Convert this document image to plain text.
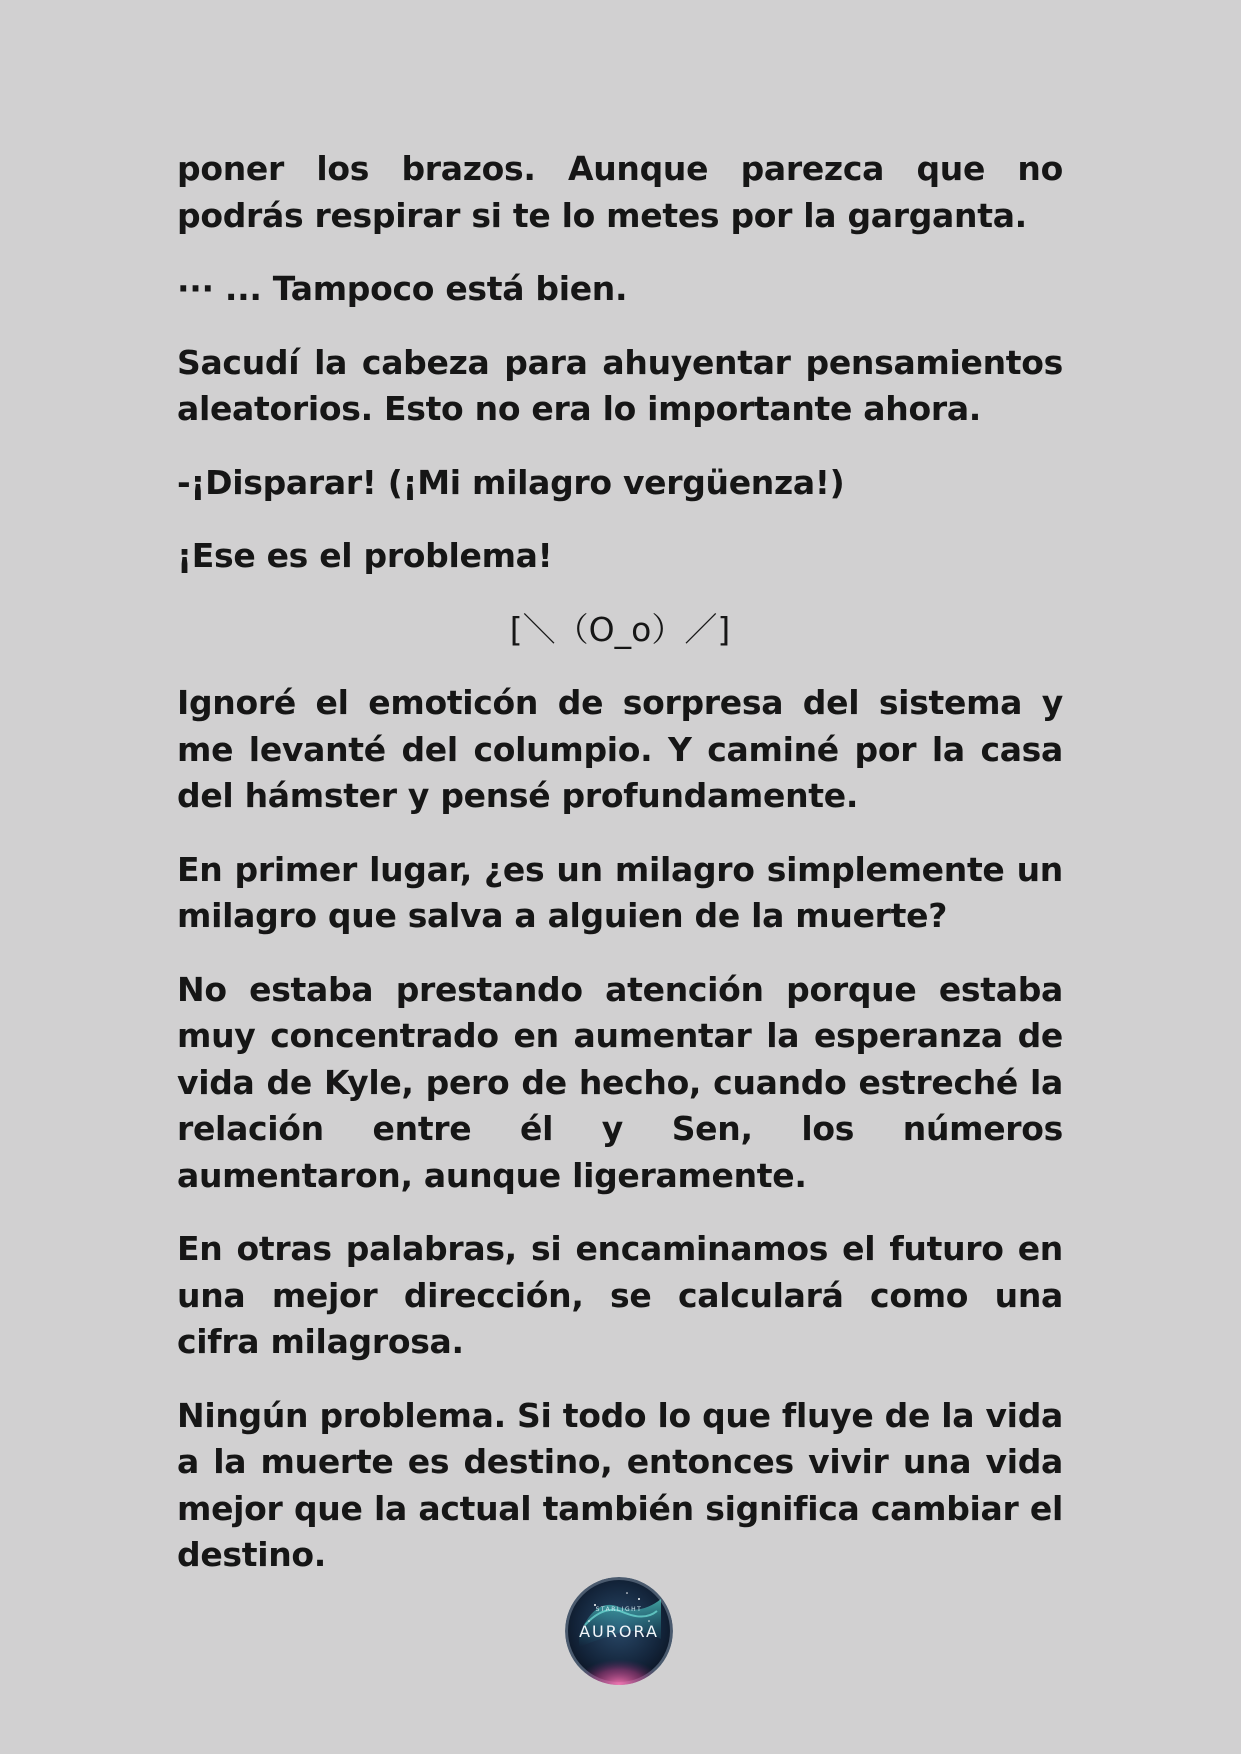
poner los brazos. Aunque parezca que no podrás respirar si te lo metes por la garganta.

··· ... Tampoco está bien.

Sacudí la cabeza para ahuyentar pensamientos aleatorios. Esto no era lo importante ahora.

-¡Disparar! (¡Mi milagro vergüenza!)

¡Ese es el problema!

[＼（O_o）／]

Ignoré el emoticón de sorpresa del sistema y me levanté del columpio. Y caminé por la casa del hámster y pensé profundamente.

En primer lugar, ¿es un milagro simplemente un milagro que salva a alguien de la muerte?

No estaba prestando atención porque estaba muy concentrado en aumentar la esperanza de vida de Kyle, pero de hecho, cuando estreché la relación entre él y Sen, los números aumentaron, aunque ligeramente.

En otras palabras, si encaminamos el futuro en una mejor dirección, se calculará como una cifra milagrosa.

Ningún problema. Si todo lo que fluye de la vida a la muerte es destino, entonces vivir una vida mejor que la actual también significa cambiar el destino.

STARLIGHT
AURORA
